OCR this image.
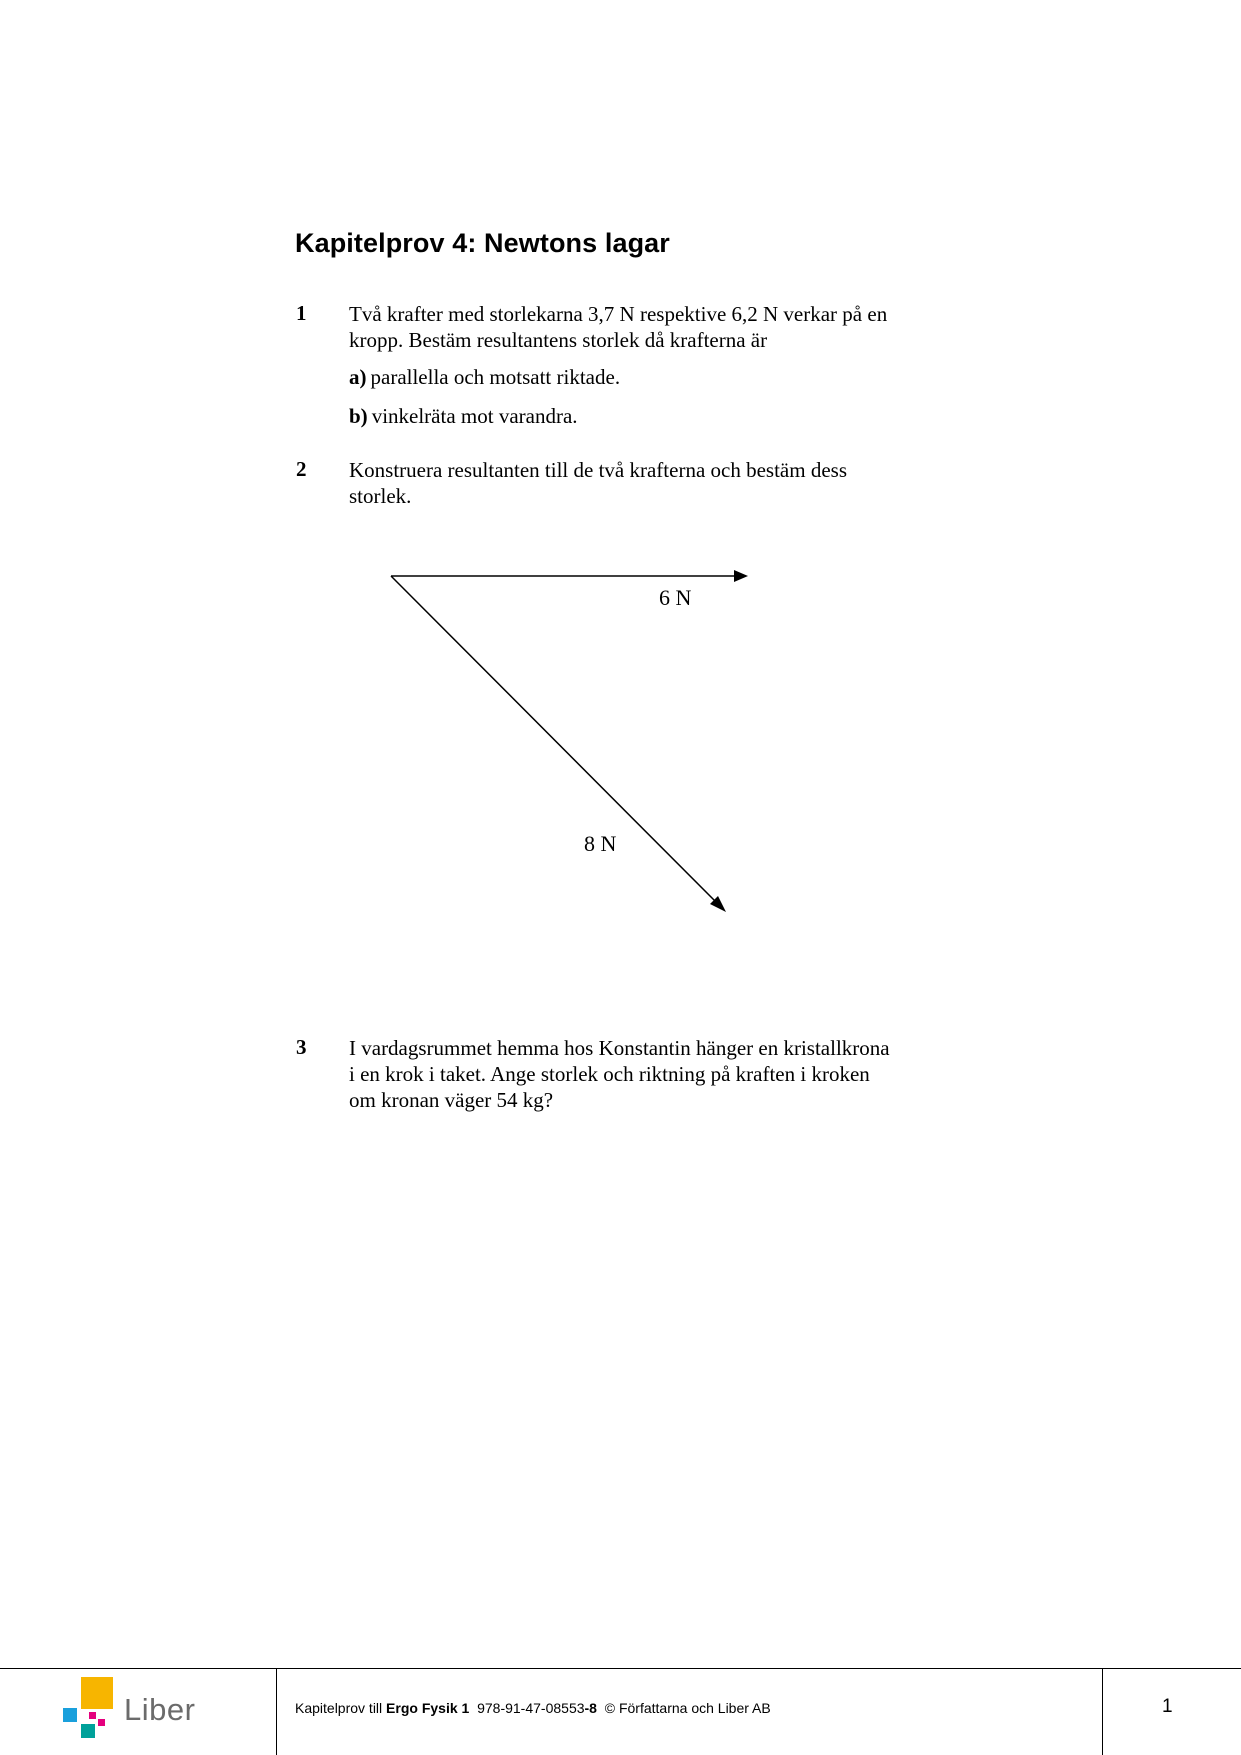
Kapitelprov 4: Newtons lagar
1 Två krafter med storlekarna 3,7 N respektive 6,2 N verkar på en
kropp. Bestäm resultantens storlek då krafterna är
a) parallella och motsatt riktade.
b) vinkelräta mot varandra.
2 Konstruera resultanten till de två krafterna och bestäm dess
storlek.
6 N
8 N
3 I vardagsrummet hemma hos Konstantin hänger en kristallkrona
i en krok i taket. Ange storlek och riktning på kraften i kroken
om kronan väger 54 kg?
Liber	Kapitelprov till Ergo Fysik 1 978-91-47-08553-8 © Författarna och Liber AB	1
